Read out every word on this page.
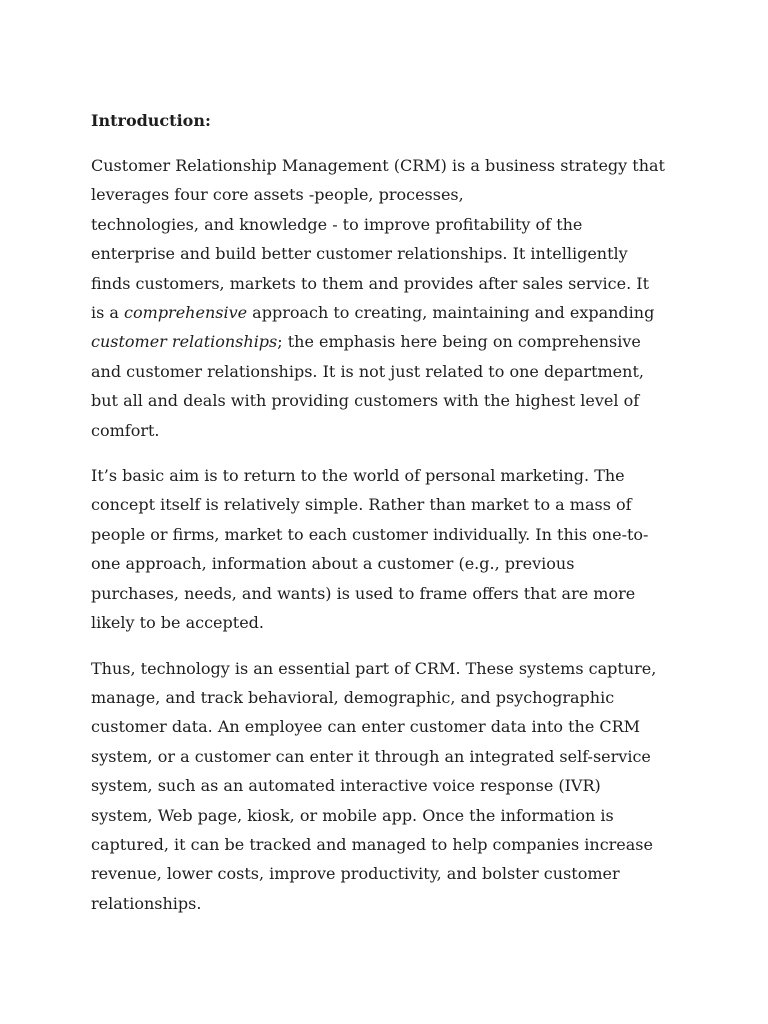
Introduction:

Customer Relationship Management (CRM) is a business strategy that
leverages four core assets -people, processes,
technologies, and knowledge - to improve profitability of the
enterprise and build better customer relationships. It intelligently
finds customers, markets to them and provides after sales service. It
is a comprehensive approach to creating, maintaining and expanding
customer relationships; the emphasis here being on comprehensive
and customer relationships. It is not just related to one department,
but all and deals with providing customers with the highest level of
comfort.

It’s basic aim is to return to the world of personal marketing. The
concept itself is relatively simple. Rather than market to a mass of
people or firms, market to each customer individually. In this one-to-
one approach, information about a customer (e.g., previous
purchases, needs, and wants) is used to frame offers that are more
likely to be accepted.

Thus, technology is an essential part of CRM. These systems capture,
manage, and track behavioral, demographic, and psychographic
customer data. An employee can enter customer data into the CRM
system, or a customer can enter it through an integrated self-service
system, such as an automated interactive voice response (IVR)
system, Web page, kiosk, or mobile app. Once the information is
captured, it can be tracked and managed to help companies increase
revenue, lower costs, improve productivity, and bolster customer
relationships.
